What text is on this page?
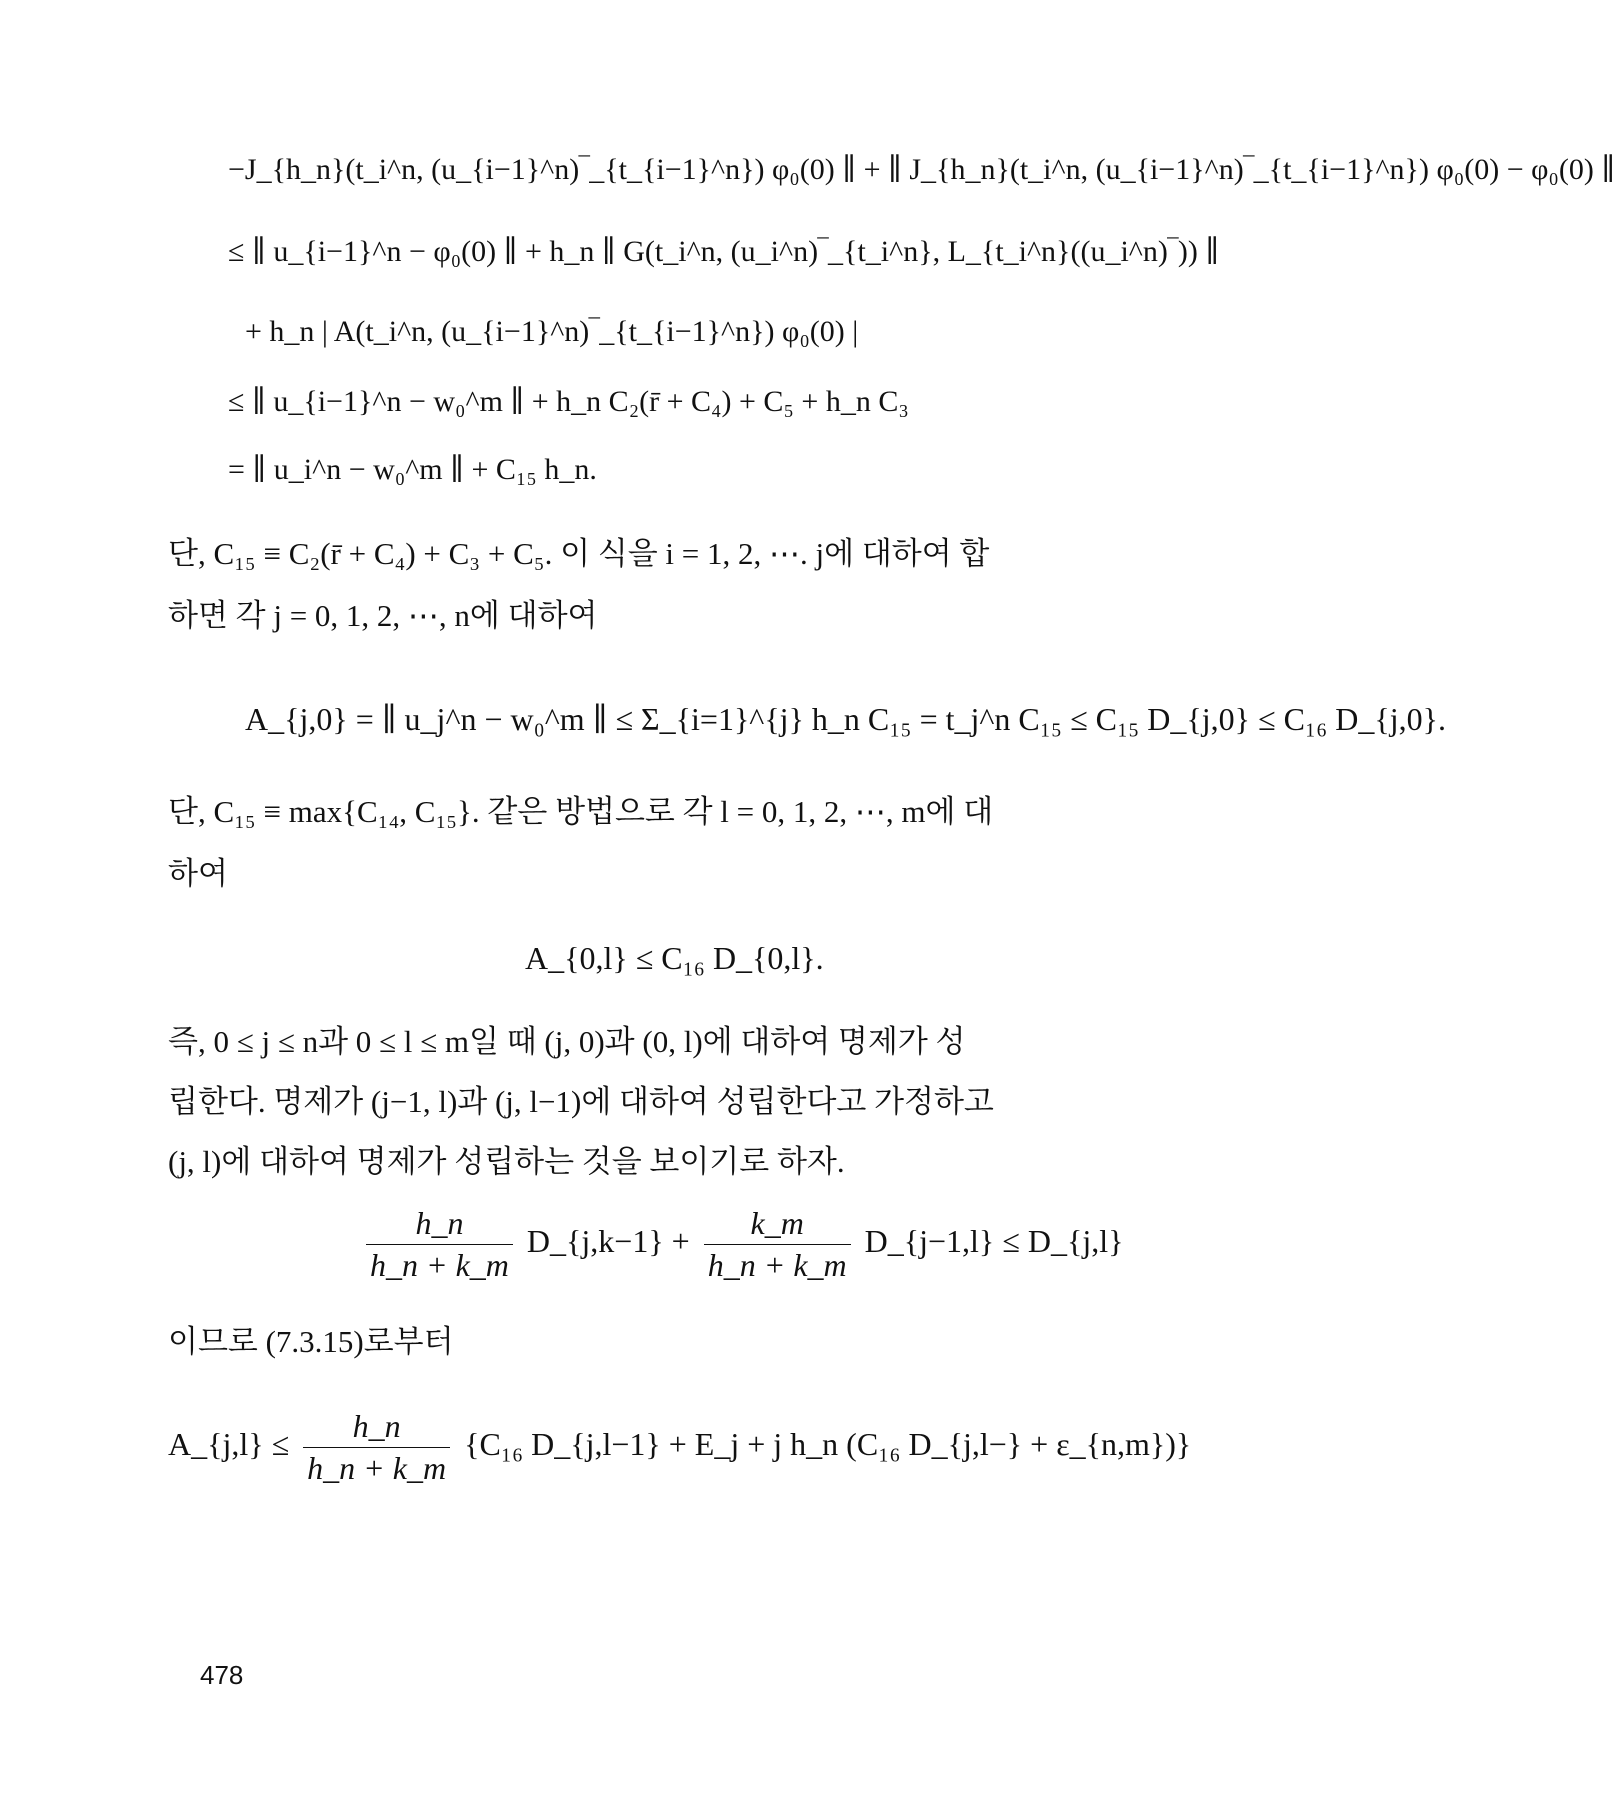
−J_{h_n}(t_i^n, (u_{i−1}^n)‾_{t_{i−1}^n}) φ₀(0) ∥ + ∥ J_{h_n}(t_i^n, (u_{i−1}^n)‾_{t_{i−1}^n}) φ₀(0) − φ₀(0) ∥
≤ ∥ u_{i−1}^n − φ₀(0) ∥ + h_n ∥ G(t_i^n, (u_i^n)‾_{t_i^n}, L_{t_i^n}((u_i^n)‾)) ∥
+ h_n | A(t_i^n, (u_{i−1}^n)‾_{t_{i−1}^n}) φ₀(0) |
≤ ∥ u_{i−1}^n − w₀^m ∥ + h_n C₂(r̄ + C₄) + C₅ + h_n C₃
= ∥ u_i^n − w₀^m ∥ + C₁₅ h_n.
단, C₁₅ ≡ C₂(r̄ + C₄) + C₃ + C₅. 이 식을 i = 1, 2, ⋯. j에 대하여 합
하면 각 j = 0, 1, 2, ⋯, n에 대하여
A_{j,0} = ∥ u_j^n − w₀^m ∥ ≤ Σ_{i=1}^{j} h_n C₁₅ = t_j^n C₁₅ ≤ C₁₅ D_{j,0} ≤ C₁₆ D_{j,0}.
단, C₁₅ ≡ max{C₁₄, C₁₅}. 같은 방법으로 각 l = 0, 1, 2, ⋯, m에 대
하여
A_{0,l} ≤ C₁₆ D_{0,l}.
즉, 0 ≤ j ≤ n과 0 ≤ l ≤ m일 때 (j, 0)과 (0, l)에 대하여 명제가 성
립한다. 명제가 (j−1, l)과 (j, l−1)에 대하여 성립한다고 가정하고
(j, l)에 대하여 명제가 성립하는 것을 보이기로 하자.
$\frac{h\_n}{h\_n + k\_m}$ D_{j,k−1} + $\frac{k\_m}{h\_n + k\_m}$ D_{j−1,l} ≤ D_{j,l}
이므로 (7.3.15)로부터
A_{j,l} ≤ $\frac{h\_n}{h\_n + k\_m} \{C_{16}$ D_{j,l−1} + E_j + j h_n (C₁₆ D_{j,l−} + ε_{n,m})}
478
